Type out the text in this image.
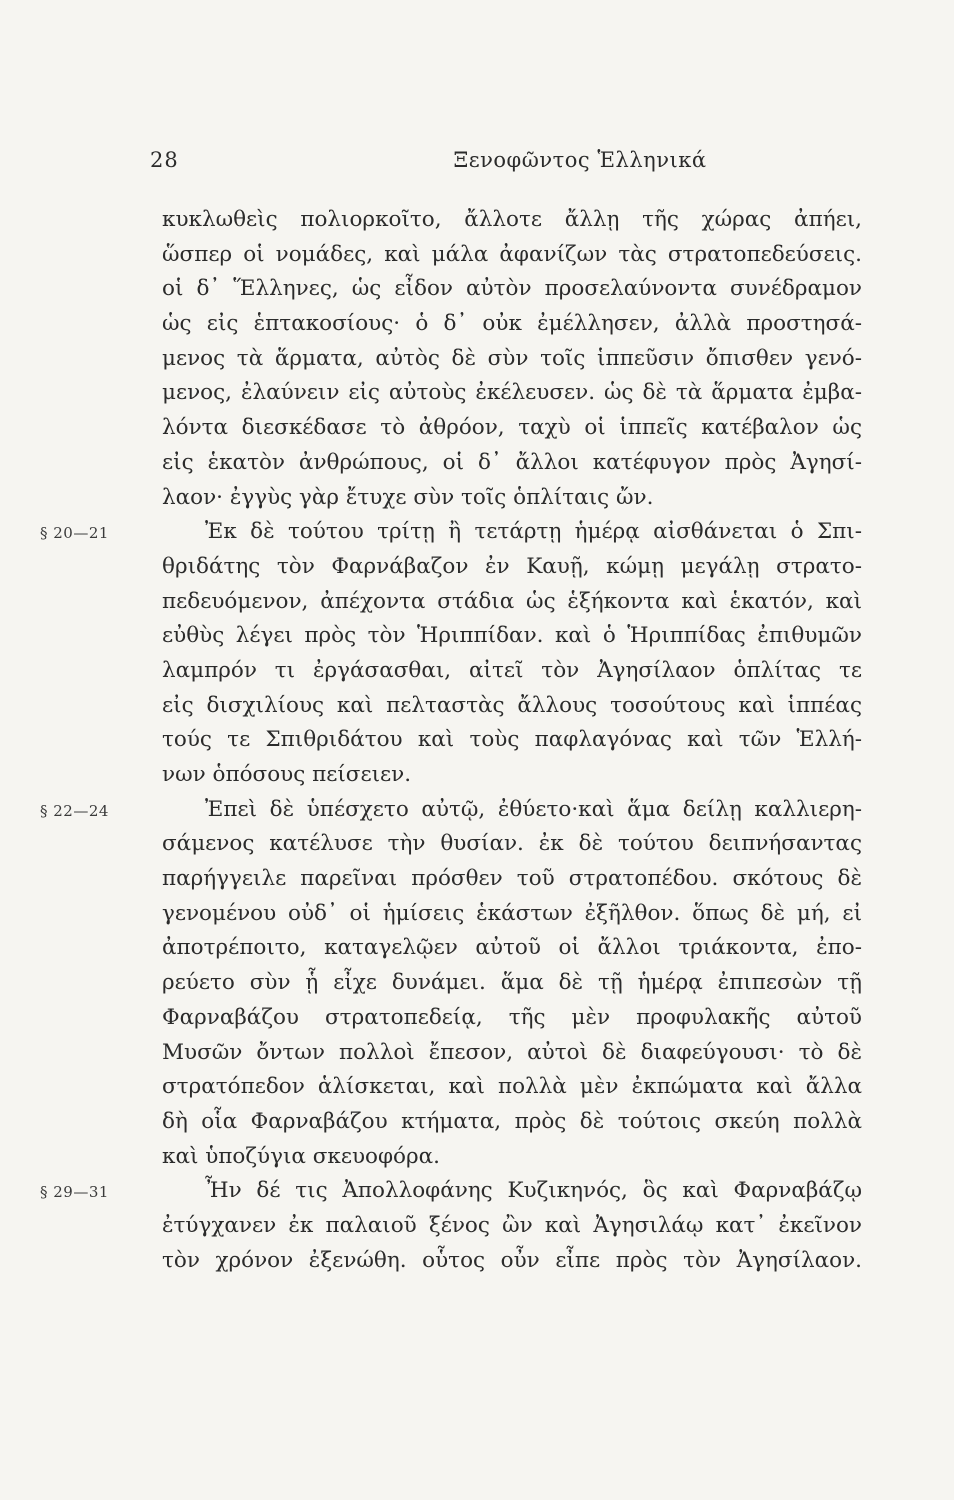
28	Ξενοφῶντος Ἑλληνικά
κυκλωθεὶς πολιορκοῖτο, ἄλλοτε ἄλλῃ τῆς χώρας ἀπήει,
ὥσπερ οἱ νομάδες, καὶ μάλα ἀφανίζων τὰς στρατοπεδεύσεις.
οἱ δ᾽ Ἕλληνες, ὡς εἶδον αὐτὸν προσελαύνοντα συνέδραμον
ὡς εἰς ἑπτακοσίους· ὁ δ᾽ οὐκ ἐμέλλησεν, ἀλλὰ προστησά-
μενος τὰ ἅρματα, αὐτὸς δὲ σὺν τοῖς ἱππεῦσιν ὄπισθεν γενό-
μενος, ἐλαύνειν εἰς αὐτοὺς ἐκέλευσεν. ὡς δὲ τὰ ἅρματα ἐμβα-
λόντα διεσκέδασε τὸ ἀθρόον, ταχὺ οἱ ἱππεῖς κατέβαλον ὡς
εἰς ἑκατὸν ἀνθρώπους, οἱ δ᾽ ἄλλοι κατέφυγον πρὸς Ἀγησί-
λαον· ἐγγὺς γὰρ ἔτυχε σὺν τοῖς ὁπλίταις ὤν.
§ 20—21	Ἐκ δὲ τούτου τρίτῃ ἢ τετάρτῃ ἡμέρᾳ αἰσθάνεται ὁ Σπι-
θριδάτης τὸν Φαρνάβαζον ἐν Καυῇ, κώμῃ μεγάλῃ στρατο-
πεδευόμενον, ἀπέχοντα στάδια ὡς ἑξήκοντα καὶ ἑκατόν, καὶ
εὐθὺς λέγει πρὸς τὸν Ἡριππίδαν. καὶ ὁ Ἡριππίδας ἐπιθυμῶν
λαμπρόν τι ἐργάσασθαι, αἰτεῖ τὸν Ἀγησίλαον ὁπλίτας τε
εἰς δισχιλίους καὶ πελταστὰς ἄλλους τοσούτους καὶ ἱππέας
τούς τε Σπιθριδάτου καὶ τοὺς παφλαγόνας καὶ τῶν Ἑλλή-
νων ὁπόσους πείσειεν.
§ 22—24	Ἐπεὶ δὲ ὑπέσχετο αὐτῷ, ἐθύετο·καὶ ἅμα δείλῃ καλλιερη-
σάμενος κατέλυσε τὴν θυσίαν. ἐκ δὲ τούτου δειπνήσαντας
παρήγγειλε παρεῖναι πρόσθεν τοῦ στρατοπέδου. σκότους δὲ
γενομένου οὐδ᾽ οἱ ἡμίσεις ἑκάστων ἐξῆλθον. ὅπως δὲ μή, εἰ
ἀποτρέποιτο, καταγελῷεν αὐτοῦ οἱ ἄλλοι τριάκοντα, ἐπο-
ρεύετο σὺν ᾗ εἶχε δυνάμει. ἅμα δὲ τῇ ἡμέρᾳ ἐπιπεσὼν τῇ
Φαρναβάζου στρατοπεδείᾳ, τῆς μὲν προφυλακῆς αὐτοῦ
Μυσῶν ὄντων πολλοὶ ἔπεσον, αὐτοὶ δὲ διαφεύγουσι· τὸ δὲ
στρατόπεδον ἁλίσκεται, καὶ πολλὰ μὲν ἐκπώματα καὶ ἄλλα
δὴ οἷα Φαρναβάζου κτήματα, πρὸς δὲ τούτοις σκεύη πολλὰ
καὶ ὑποζύγια σκευοφόρα.
§ 29—31	Ἦν δέ τις Ἀπολλοφάνης Κυζικηνός, ὃς καὶ Φαρναβάζῳ
ἐτύγχανεν ἐκ παλαιοῦ ξένος ὢν καὶ Ἀγησιλάῳ κατ᾽ ἐκεῖνον
τὸν χρόνον ἐξενώθη. οὗτος οὖν εἶπε πρὸς τὸν Ἀγησίλαον.
